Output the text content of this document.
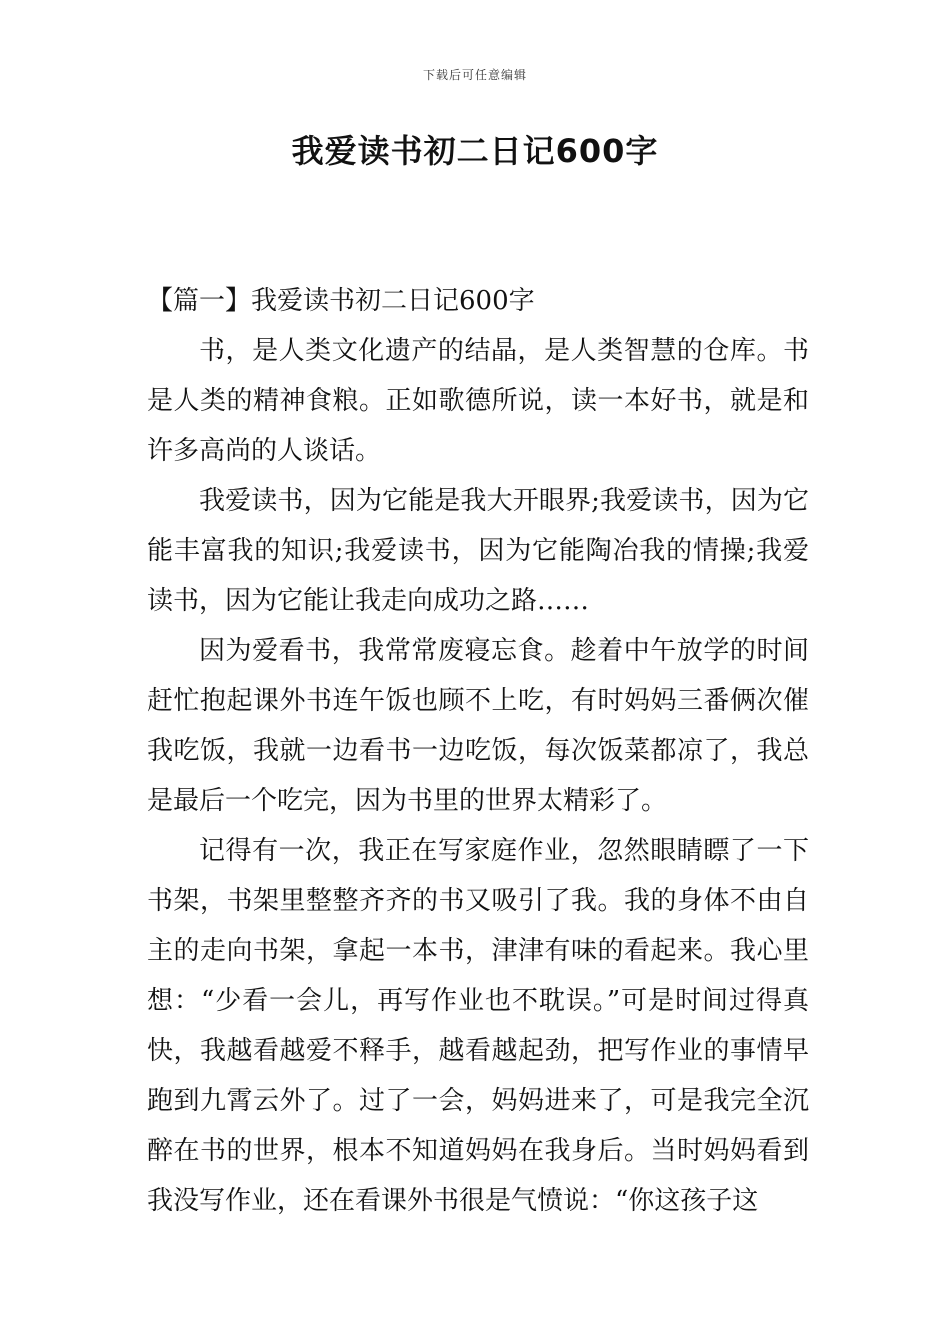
下载后可任意编辑
我爱读书初二日记600字

【篇一】我爱读书初二日记600字

书，是人类文化遗产的结晶，是人类智慧的仓库。书是人类的精神食粮。正如歌德所说，读一本好书，就是和许多高尚的人谈话。

我爱读书，因为它能是我大开眼界;我爱读书，因为它能丰富我的知识;我爱读书，因为它能陶冶我的情操;我爱读书，因为它能让我走向成功之路……

因为爱看书，我常常废寝忘食。趁着中午放学的时间赶忙抱起课外书连午饭也顾不上吃，有时妈妈三番俩次催我吃饭，我就一边看书一边吃饭，每次饭菜都凉了，我总是最后一个吃完，因为书里的世界太精彩了。

记得有一次，我正在写家庭作业，忽然眼睛瞟了一下书架，书架里整整齐齐的书又吸引了我。我的身体不由自主的走向书架，拿起一本书，津津有味的看起来。我心里想：“少看一会儿，再写作业也不耽误。”可是时间过得真快，我越看越爱不释手，越看越起劲，把写作业的事情早跑到九霄云外了。过了一会，妈妈进来了，可是我完全沉醉在书的世界，根本不知道妈妈在我身后。当时妈妈看到我没写作业，还在看课外书很是气愤说：“你这孩子这
